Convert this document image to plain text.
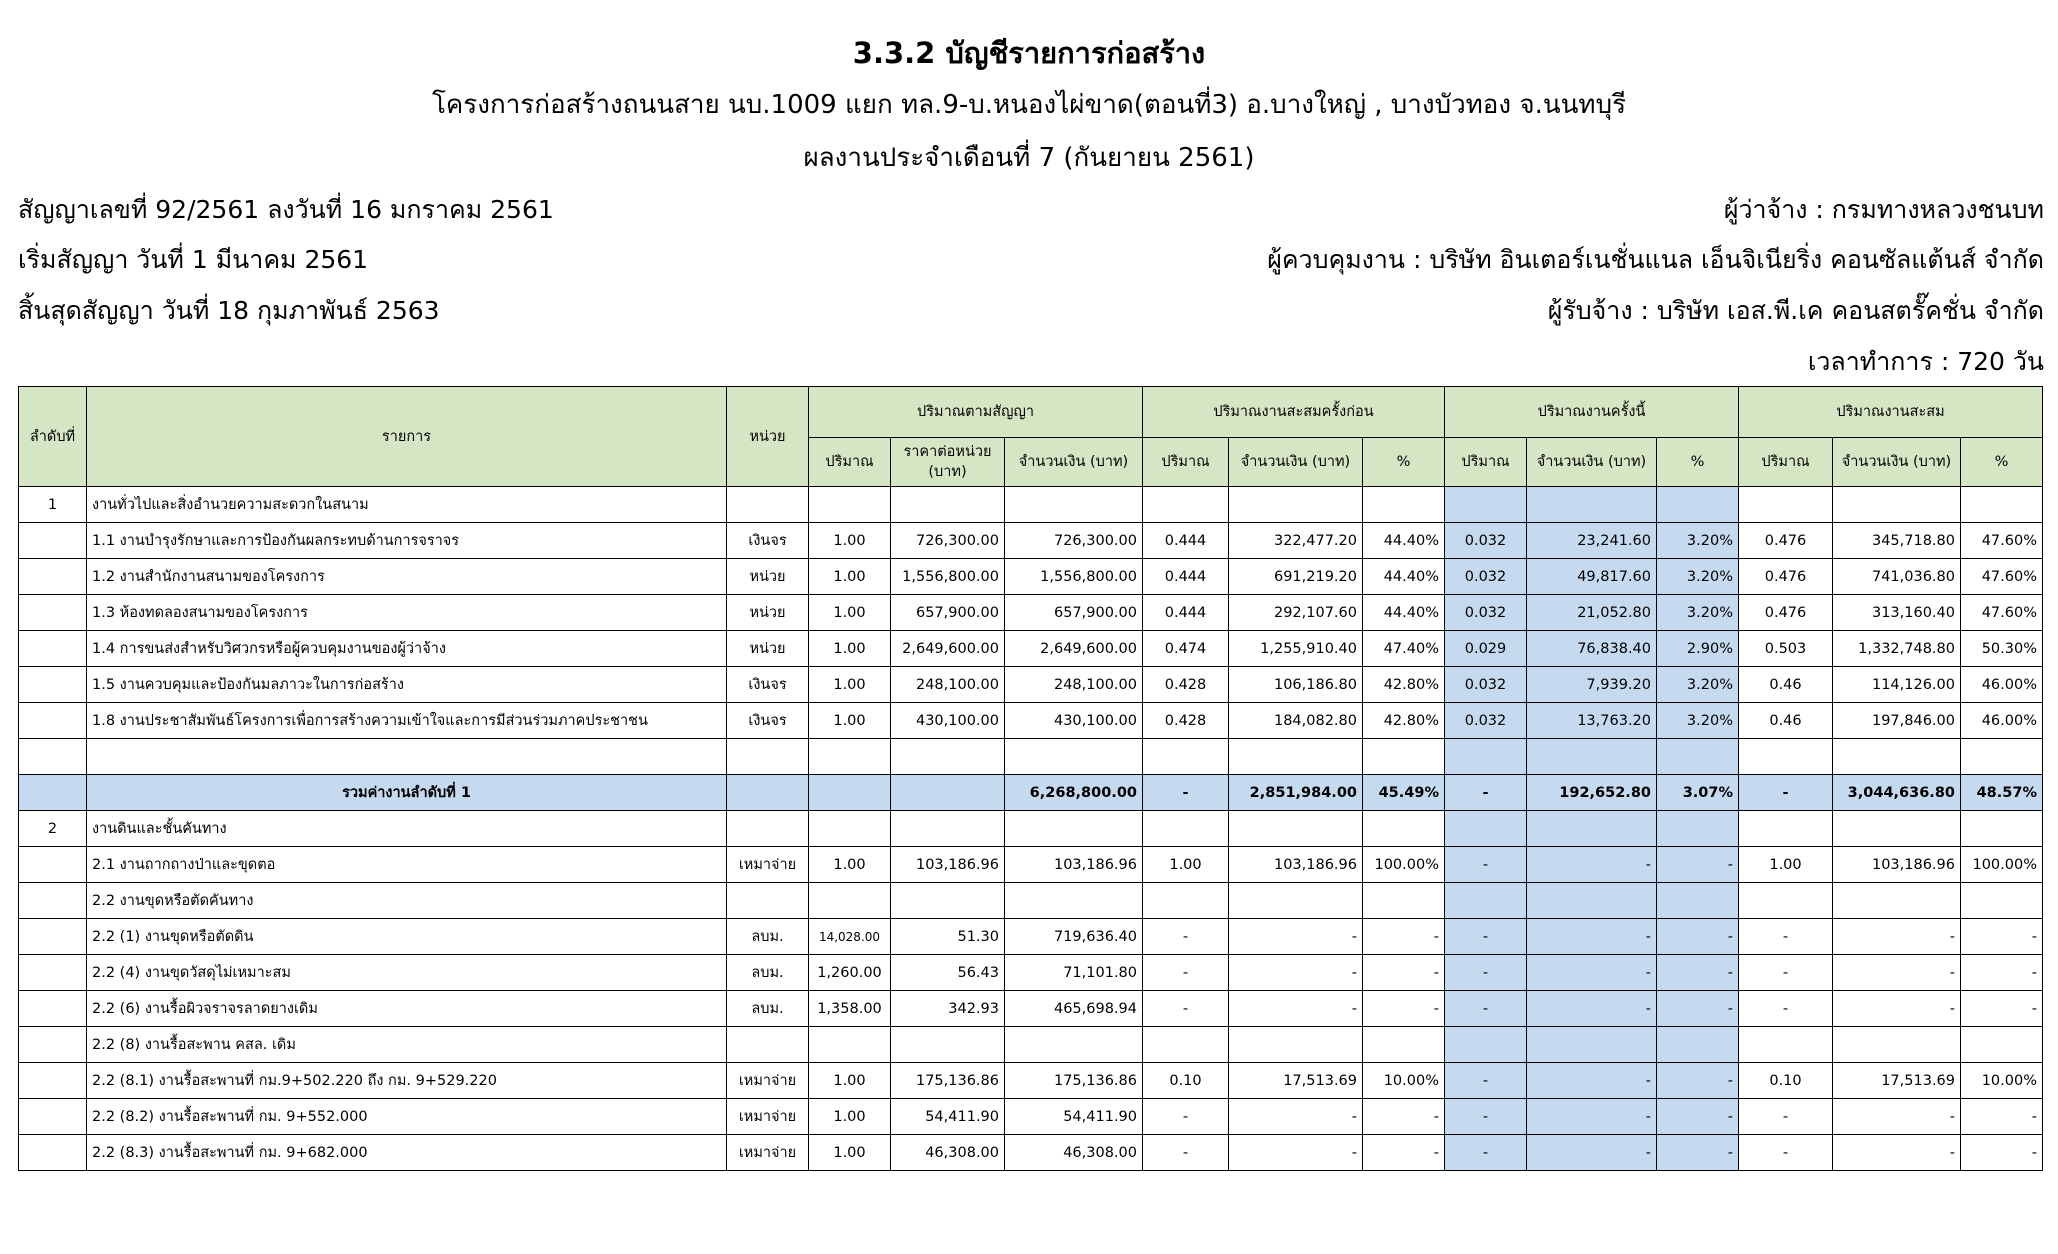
3.3.2 บัญชีรายการก่อสร้าง
โครงการก่อสร้างถนนสาย นบ.1009 แยก ทล.9-บ.หนองไผ่ขาด(ตอนที่3) อ.บางใหญ่ , บางบัวทอง จ.นนทบุรี
ผลงานประจำเดือนที่ 7 (กันยายน 2561)
สัญญาเลขที่ 92/2561 ลงวันที่ 16 มกราคม 2561
เริ่มสัญญา วันที่ 1 มีนาคม 2561
สิ้นสุดสัญญา วันที่ 18 กุมภาพันธ์ 2563
ผู้ว่าจ้าง : กรมทางหลวงชนบท
ผู้ควบคุมงาน : บริษัท อินเตอร์เนชั่นแนล เอ็นจิเนียริ่ง คอนซัลแต้นส์ จำกัด
ผู้รับจ้าง : บริษัท เอส.พี.เค คอนสตรั๊คชั่น จำกัด
เวลาทำการ : 720 วัน
ลำดับที่	รายการ	หน่วย	ปริมาณตามสัญญา			ปริมาณงานสะสมครั้งก่อน			ปริมาณงานครั้งนี้			ปริมาณงานสะสม		
			ปริมาณ	ราคาต่อหน่วย (บาท)	จำนวนเงิน (บาท)	ปริมาณ	จำนวนเงิน (บาท)	%	ปริมาณ	จำนวนเงิน (บาท)	%	ปริมาณ	จำนวนเงิน (บาท)	%
1	งานทั่วไปและสิ่งอำนวยความสะดวกในสนาม													
	1.1 งานบำรุงรักษาและการป้องกันผลกระทบด้านการจราจร	เงินจร	1.00	726,300.00	726,300.00	0.444	322,477.20	44.40%	0.032	23,241.60	3.20%	0.476	345,718.80	47.60%
	1.2 งานสำนักงานสนามของโครงการ	หน่วย	1.00	1,556,800.00	1,556,800.00	0.444	691,219.20	44.40%	0.032	49,817.60	3.20%	0.476	741,036.80	47.60%
	1.3 ห้องทดลองสนามของโครงการ	หน่วย	1.00	657,900.00	657,900.00	0.444	292,107.60	44.40%	0.032	21,052.80	3.20%	0.476	313,160.40	47.60%
	1.4 การขนส่งสำหรับวิศวกรหรือผู้ควบคุมงานของผู้ว่าจ้าง	หน่วย	1.00	2,649,600.00	2,649,600.00	0.474	1,255,910.40	47.40%	0.029	76,838.40	2.90%	0.503	1,332,748.80	50.30%
	1.5 งานควบคุมและป้องกันมลภาวะในการก่อสร้าง	เงินจร	1.00	248,100.00	248,100.00	0.428	106,186.80	42.80%	0.032	7,939.20	3.20%	0.46	114,126.00	46.00%
	1.8 งานประชาสัมพันธ์โครงการเพื่อการสร้างความเข้าใจและการมีส่วนร่วมภาคประชาชน	เงินจร	1.00	430,100.00	430,100.00	0.428	184,082.80	42.80%	0.032	13,763.20	3.20%	0.46	197,846.00	46.00%

	รวมค่างานลำดับที่ 1				6,268,800.00	-	2,851,984.00	45.49%	-	192,652.80	3.07%	-	3,044,636.80	48.57%
2	งานดินและชั้นคันทาง													
	2.1 งานถากถางป่าและขุดตอ	เหมาจ่าย	1.00	103,186.96	103,186.96	1.00	103,186.96	100.00%	-	-	-	1.00	103,186.96	100.00%
	2.2 งานขุดหรือตัดคันทาง													
	2.2 (1) งานขุดหรือตัดดิน	ลบม.	14,028.00	51.30	719,636.40	-	-	-	-	-	-	-	-	-
	2.2 (4) งานขุดวัสดุไม่เหมาะสม	ลบม.	1,260.00	56.43	71,101.80	-	-	-	-	-	-	-	-	-
	2.2 (6) งานรื้อผิวจราจรลาดยางเดิม	ลบม.	1,358.00	342.93	465,698.94	-	-	-	-	-	-	-	-	-
	2.2 (8) งานรื้อสะพาน คสล. เดิม													
	2.2 (8.1) งานรื้อสะพานที่ กม.9+502.220 ถึง กม. 9+529.220	เหมาจ่าย	1.00	175,136.86	175,136.86	0.10	17,513.69	10.00%	-	-	-	0.10	17,513.69	10.00%
	2.2 (8.2) งานรื้อสะพานที่ กม. 9+552.000	เหมาจ่าย	1.00	54,411.90	54,411.90	-	-	-	-	-	-	-	-	-
	2.2 (8.3) งานรื้อสะพานที่ กม. 9+682.000	เหมาจ่าย	1.00	46,308.00	46,308.00	-	-	-	-	-	-	-	-	-
